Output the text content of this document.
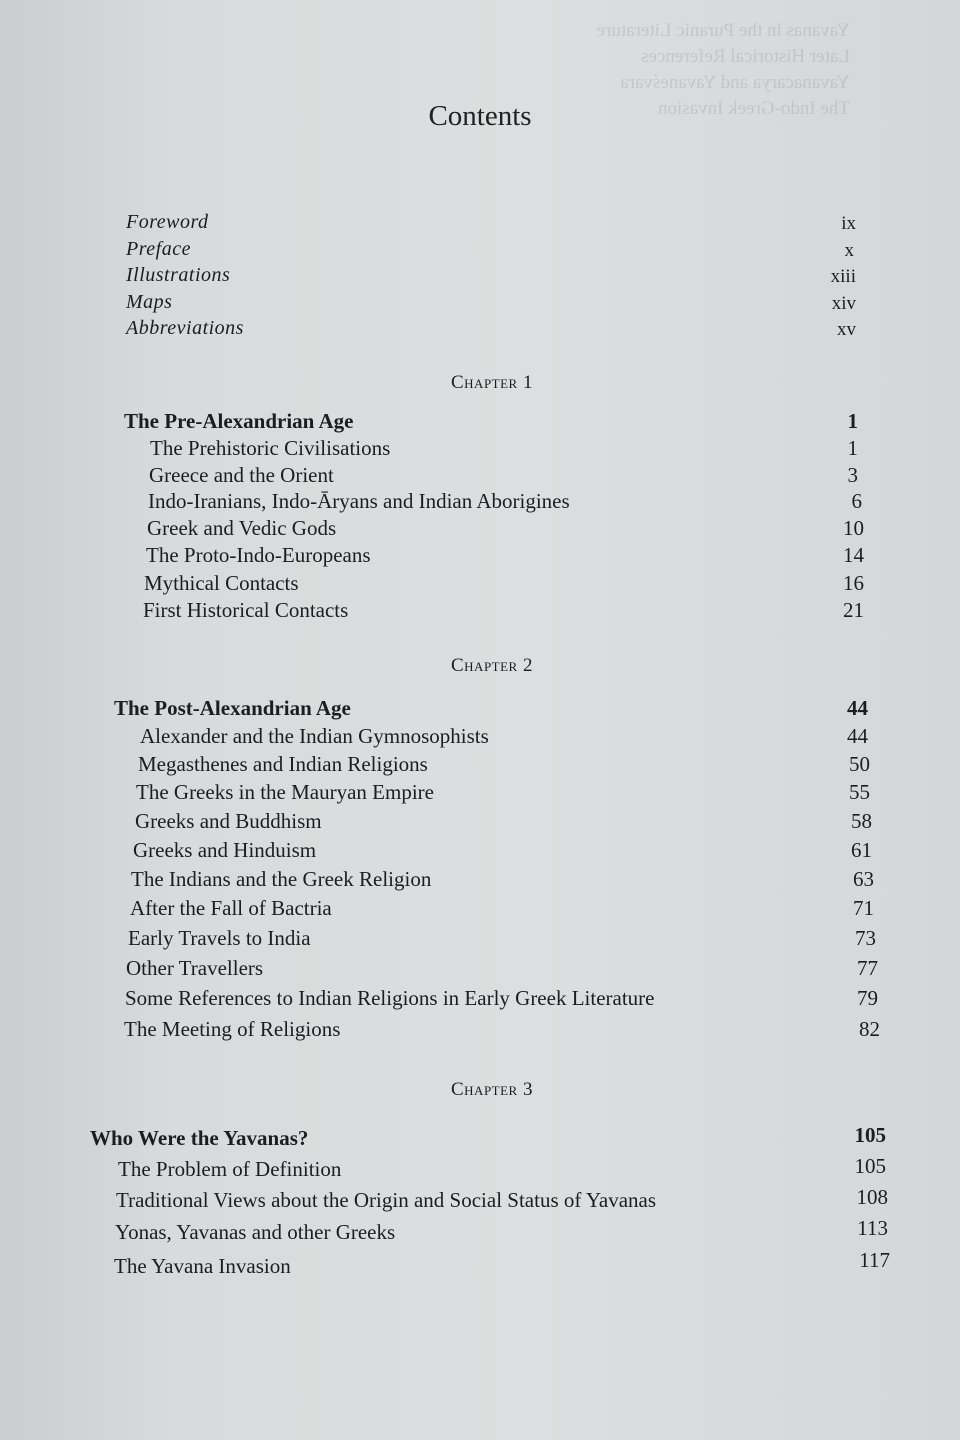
Yavanas in the Puranic Literature
Later Historical References
Yavanacarya and Yavaneśvara
The Indo-Greek Invasion
Contents
Foreword	ix
Preface	x
Illustrations	xiii
Maps	xiv
Abbreviations	xv
Chapter 1
The Pre-Alexandrian Age	1
The Prehistoric Civilisations	1
Greece and the Orient	3
Indo-Iranians, Indo-Āryans and Indian Aborigines	6
Greek and Vedic Gods	10
The Proto-Indo-Europeans	14
Mythical Contacts	16
First Historical Contacts	21
Chapter 2
The Post-Alexandrian Age	44
Alexander and the Indian Gymnosophists	44
Megasthenes and Indian Religions	50
The Greeks in the Mauryan Empire	55
Greeks and Buddhism	58
Greeks and Hinduism	61
The Indians and the Greek Religion	63
After the Fall of Bactria	71
Early Travels to India	73
Other Travellers	77
Some References to Indian Religions in Early Greek Literature	79
The Meeting of Religions	82
Chapter 3
Who Were the Yavanas?	105
The Problem of Definition	105
Traditional Views about the Origin and Social Status of Yavanas	108
Yonas, Yavanas and other Greeks	113
The Yavana Invasion	117
